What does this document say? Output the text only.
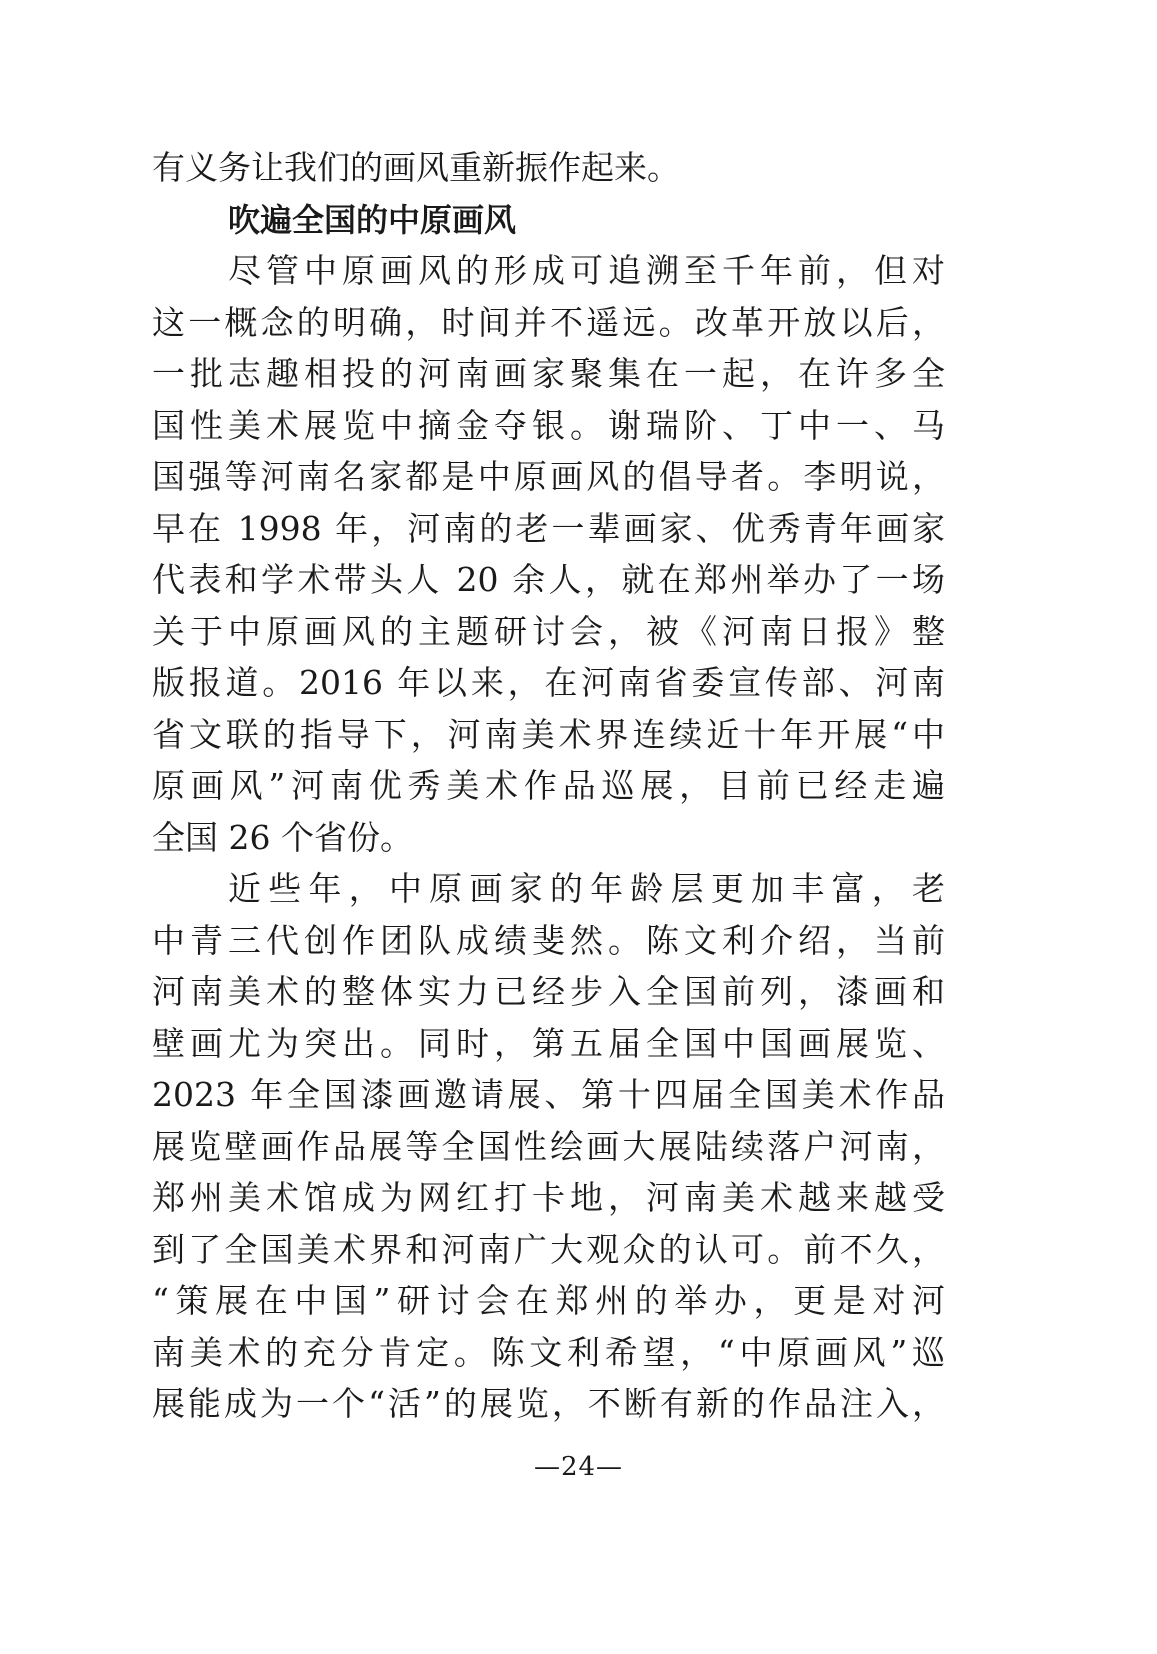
有义务让我们的画风重新振作起来。
吹遍全国的中原画风
尽管中原画风的形成可追溯至千年前，但对
这一概念的明确，时间并不遥远。改革开放以后，
一批志趣相投的河南画家聚集在一起，在许多全
国性美术展览中摘金夺银。谢瑞阶、丁中一、马
国强等河南名家都是中原画风的倡导者。李明说，
早在 1998 年，河南的老一辈画家、优秀青年画家
代表和学术带头人 20 余人，就在郑州举办了一场
关于中原画风的主题研讨会，被《河南日报》整
版报道。2016 年以来，在河南省委宣传部、河南
省文联的指导下，河南美术界连续近十年开展“中
原画风”河南优秀美术作品巡展，目前已经走遍
全国 26 个省份。
近些年，中原画家的年龄层更加丰富，老
中青三代创作团队成绩斐然。陈文利介绍，当前
河南美术的整体实力已经步入全国前列，漆画和
壁画尤为突出。同时，第五届全国中国画展览、
2023 年全国漆画邀请展、第十四届全国美术作品
展览壁画作品展等全国性绘画大展陆续落户河南，
郑州美术馆成为网红打卡地，河南美术越来越受
到了全国美术界和河南广大观众的认可。前不久，
“策展在中国”研讨会在郑州的举办，更是对河
南美术的充分肯定。陈文利希望，“中原画风”巡
展能成为一个“活”的展览，不断有新的作品注入，
—24—
